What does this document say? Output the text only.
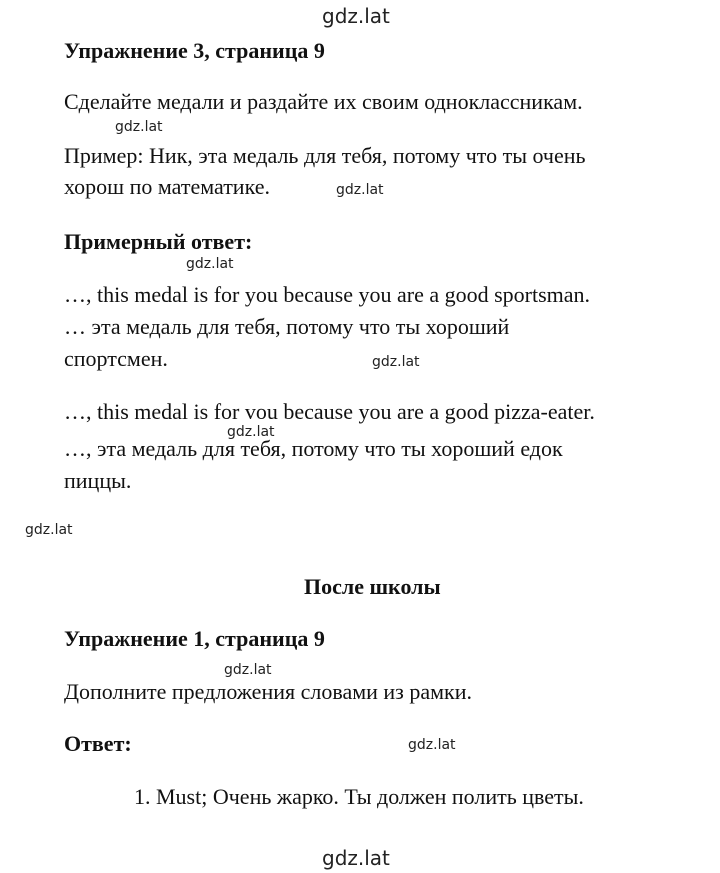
gdz.lat
gdz.lat
gdz.lat
gdz.lat
gdz.lat
gdz.lat
gdz.lat
gdz.lat
gdz.lat
gdz.lat
Упражнение 3, страница 9
Сделайте медали и раздайте их своим одноклассникам.
Пример: Ник, эта медаль для тебя, потому что ты очень
хорош по математике.
Примерный ответ:
…, this medal is for you because you are a good sportsman.
… эта медаль для тебя, потому что ты хороший
спортсмен.
…, this medal is for vou because you are a good pizza-eater.
…, эта медаль для тебя, потому что ты хороший едок
пиццы.
После школы
Упражнение 1, страница 9
Дополните предложения словами из рамки.
Ответ:
1. Must; Очень жарко. Ты должен полить цветы.
